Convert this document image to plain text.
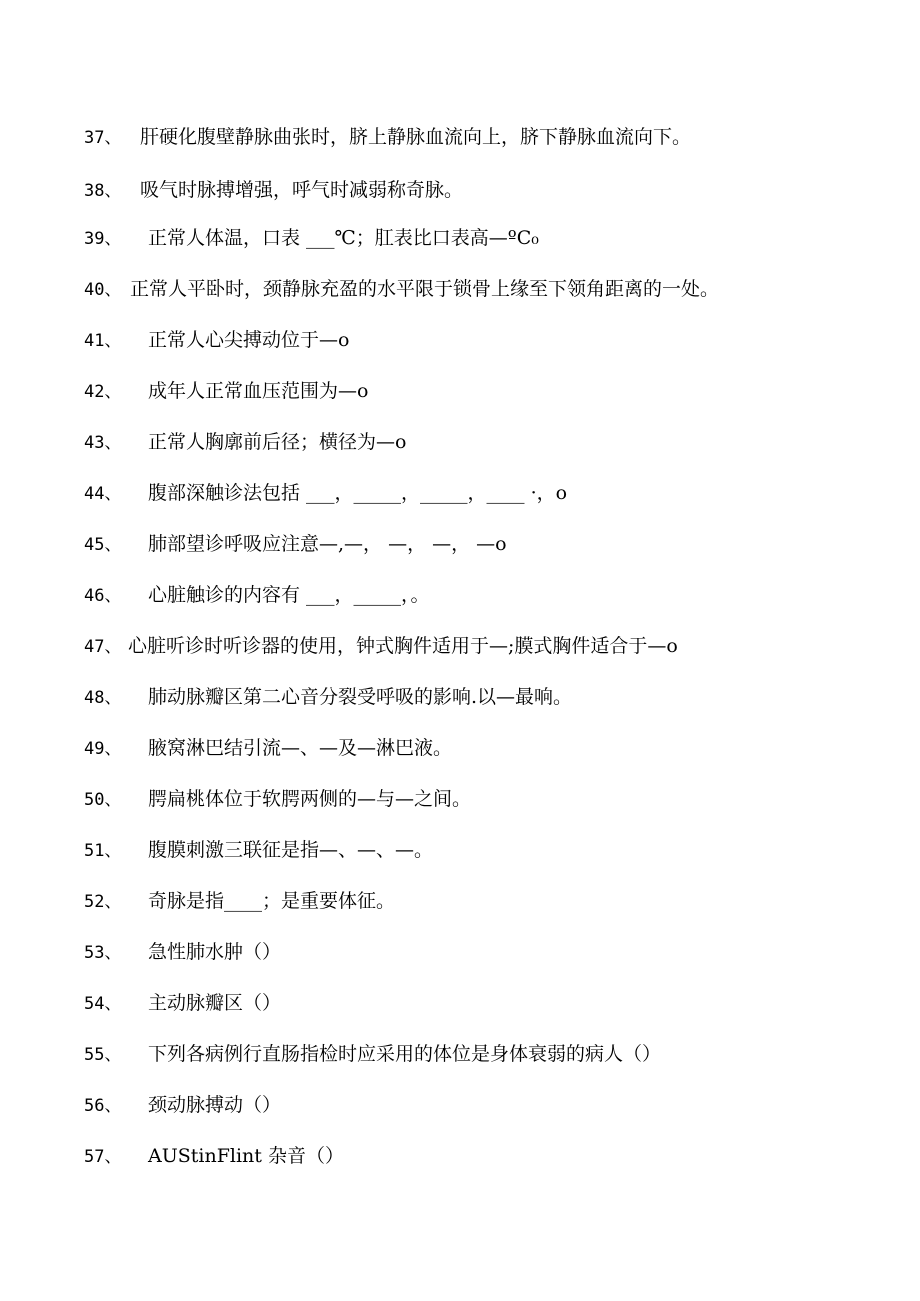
37、 肝硬化腹壁静脉曲张时，脐上静脉血流向上，脐下静脉血流向下。
38、 吸气时脉搏增强，呼气时减弱称奇脉。
39、 正常人体温，口表 ___℃；肛表比口表高—ºC₀
40、 正常人平卧时，颈静脉充盈的水平限于锁骨上缘至下领角距离的一处。
41、 正常人心尖搏动位于—o
42、 成年人正常血压范围为—o
43、 正常人胸廓前后径；横径为—o
44、 腹部深触诊法包括 ___，_____，_____，____ ·，o
45、 肺部望诊呼吸应注意—,—， —， —， —o
46、 心脏触诊的内容有 ___，_____，。
47、 心脏听诊时听诊器的使用，钟式胸件适用于—;膜式胸件适合于—o
48、 肺动脉瓣区第二心音分裂受呼吸的影响.以—最响。
49、 腋窝淋巴结引流—、—及—淋巴液。
50、 腭扁桃体位于软腭两侧的—与—之间。
51、 腹膜刺激三联征是指—、—、—。
52、 奇脉是指____；是重要体征。
53、 急性肺水肿（）
54、 主动脉瓣区（）
55、 下列各病例行直肠指检时应采用的体位是身体衰弱的病人（）
56、 颈动脉搏动（）
57、 AUStinFlint 杂音（）
